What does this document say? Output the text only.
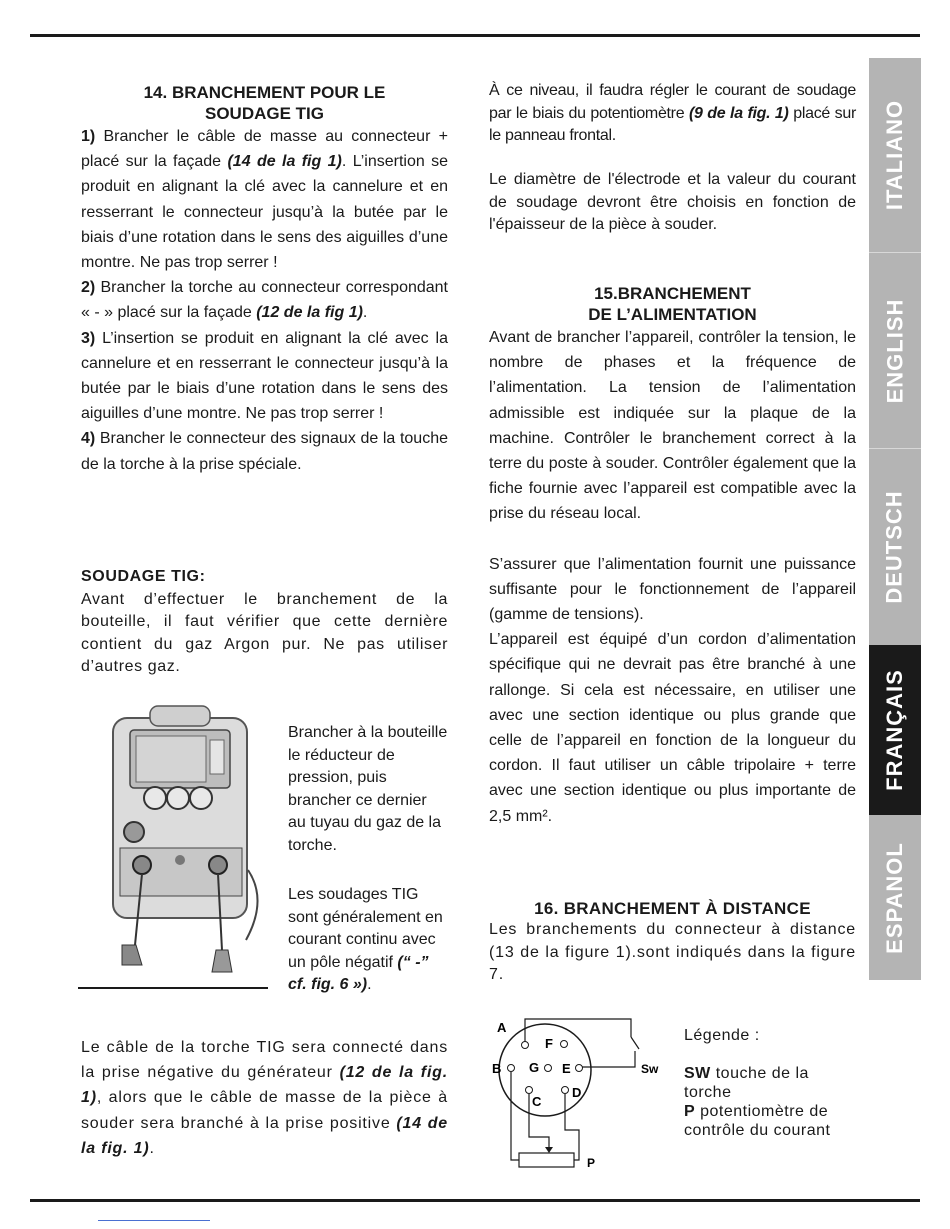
ITALIANO
ENGLISH
DEUTSCH
FRANÇAIS
ESPANOL

14. BRANCHEMENT POUR LE
SOUDAGE TIG

1) Brancher le câble de masse au connecteur + placé sur la façade (14 de la fig 1). L’insertion se produit en alignant la clé avec la cannelure et en resserrant le connecteur jusqu’à la butée par le biais d’une rotation dans le sens des aiguilles d’une montre. Ne pas trop serrer !

2) Brancher la torche au connecteur correspondant « - » placé sur la façade (12 de la fig 1).

3) L’insertion se produit en alignant la clé avec la cannelure et en resserrant le connecteur jusqu’à la butée par le biais d’une rotation dans le sens des aiguilles d’une montre. Ne pas trop serrer !

4) Brancher le connecteur des signaux de la touche de la torche à la prise spéciale.

SOUDAGE TIG:

Avant d’effectuer le branchement de la bouteille, il faut vérifier que cette dernière contient du gaz Argon pur. Ne pas utiliser d’autres gaz.

Brancher à la bouteille le réducteur de pression, puis brancher ce dernier au tuyau du gaz de la torche.
Les soudages TIG sont généralement en courant continu avec un pôle négatif (“ -” cf. fig. 6 »).

Le câble de la torche TIG sera connecté dans la prise négative du générateur (12 de la fig. 1), alors que le câble de masse de la pièce à souder sera branché à la prise positive (14 de la fig. 1).

À ce niveau, il faudra régler le courant de soudage par le biais du potentiomètre (9 de la fig. 1) placé sur le panneau frontal.

Le diamètre de l'électrode et la valeur du courant de soudage devront être choisis en fonction de l'épaisseur de la pièce à souder.

15.BRANCHEMENT
DE L’ALIMENTATION

Avant de brancher l’appareil, contrôler la tension, le nombre de phases et la fréquence de l’alimentation. La tension de l’alimentation admissible est indiquée sur la plaque de la machine. Contrôler le branchement correct à la terre du poste à souder. Contrôler également que la fiche fournie avec l’appareil est compatible avec la prise du réseau local.

S’assurer que l’alimentation fournit une puissance suffisante pour le fonctionnement de l’appareil (gamme de tensions).

L’appareil est équipé d’un cordon d’alimentation spécifique qui ne devrait pas être branché à une rallonge. Si cela est nécessaire, en utiliser une avec une section identique ou plus grande que celle de l’appareil en fonction de la longueur du cordon. Il faut utiliser un câble tripolaire + terre avec une section identique ou plus importante de 2,5 mm².

16. BRANCHEMENT À DISTANCE

Les branchements du connecteur à distance (13 de la figure 1).sont indiqués dans la figure 7.

A
F
B G E
C
D
Sw
P
Légende :
SW touche de la torche
P potentiomètre de contrôle du courant
